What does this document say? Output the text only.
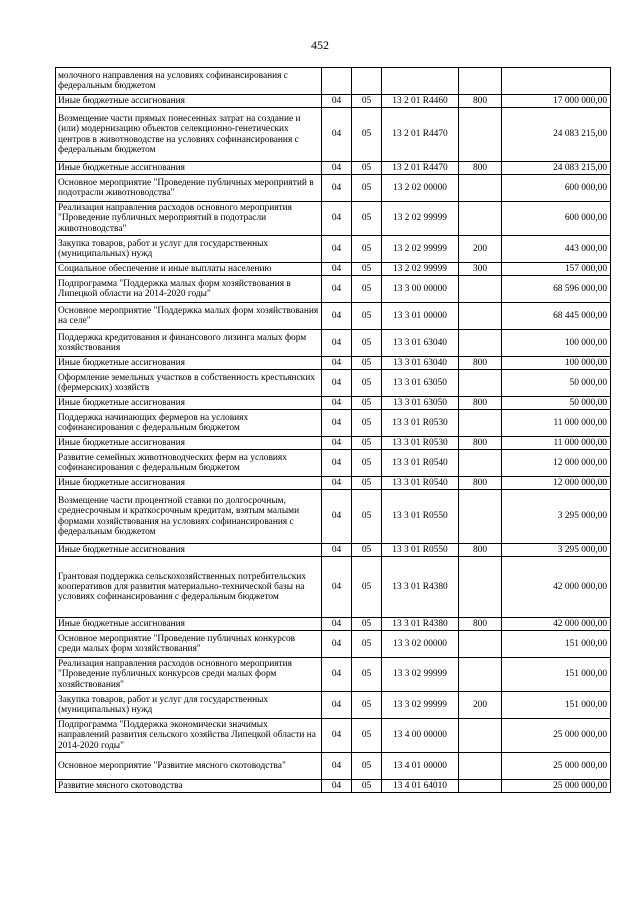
452
молочного направления на условиях софинансирования с федеральным бюджетом					
Иные бюджетные ассигнования	04	05	13 2 01 R4460	800	17 000 000,00
Возмещение части прямых понесенных затрат на создание и (или) модернизацию объектов селекционно-генетических центров в животноводстве на условиях софинансирования с федеральным бюджетом	04	05	13 2 01 R4470		24 083 215,00
Иные бюджетные ассигнования	04	05	13 2 01 R4470	800	24 083 215,00
Основное мероприятие "Проведение публичных мероприятий в подотрасли животноводства"	04	05	13 2 02 00000		600 000,00
Реализация направления расходов основного мероприятия "Проведение публичных мероприятий в подотрасли животноводства"	04	05	13 2 02 99999		600 000,00
Закупка товаров, работ и услуг для государственных (муниципальных) нужд	04	05	13 2 02 99999	200	443 000,00
Социальное обеспечение и иные выплаты населению	04	05	13 2 02 99999	300	157 000,00
Подпрограмма "Поддержка малых форм хозяйствования в Липецкой области на 2014-2020 годы"	04	05	13 3 00 00000		68 596 000,00
Основное мероприятие "Поддержка малых форм хозяйствования на селе"	04	05	13 3 01 00000		68 445 000,00
Поддержка кредитования и финансового лизинга малых форм хозяйствования	04	05	13 3 01 63040		100 000,00
Иные бюджетные ассигнования	04	05	13 3 01 63040	800	100 000,00
Оформление земельных участков в собственность крестьянских (фермерских) хозяйств	04	05	13 3 01 63050		50 000,00
Иные бюджетные ассигнования	04	05	13 3 01 63050	800	50 000,00
Поддержка начинающих фермеров на условиях софинансирования с федеральным бюджетом	04	05	13 3 01 R0530		11 000 000,00
Иные бюджетные ассигнования	04	05	13 3 01 R0530	800	11 000 000,00
Развитие семейных животноводческих ферм на условиях софинансирования с федеральным бюджетом	04	05	13 3 01 R0540		12 000 000,00
Иные бюджетные ассигнования	04	05	13 3 01 R0540	800	12 000 000,00
Возмещение части процентной ставки по долгосрочным, среднесрочным и краткосрочным кредитам, взятым малыми формами хозяйствования на условиях софинансирования с федеральным бюджетом	04	05	13 3 01 R0550		3 295 000,00
Иные бюджетные ассигнования	04	05	13 3 01 R0550	800	3 295 000,00
Грантовая поддержка сельскохозяйственных потребительских кооперативов для развития материально-технической базы на условиях софинансирования с федеральным бюджетом	04	05	13 3 01 R4380		42 000 000,00
Иные бюджетные ассигнования	04	05	13 3 01 R4380	800	42 000 000,00
Основное мероприятие "Проведение публичных конкурсов среди малых форм хозяйствования"	04	05	13 3 02 00000		151 000,00
Реализация направления расходов основного мероприятия "Проведение публичных конкурсов среди малых форм хозяйствования"	04	05	13 3 02 99999		151 000,00
Закупка товаров, работ и услуг для государственных (муниципальных) нужд	04	05	13 3 02 99999	200	151 000,00
Подпрограмма "Поддержка экономически значимых направлений развития сельского хозяйства Липецкой области на 2014-2020 годы"	04	05	13 4 00 00000		25 000 000,00
Основное мероприятие "Развитие мясного скотоводства"	04	05	13 4 01 00000		25 000 000,00
Развитие мясного скотоводства	04	05	13 4 01 64010		25 000 000,00
